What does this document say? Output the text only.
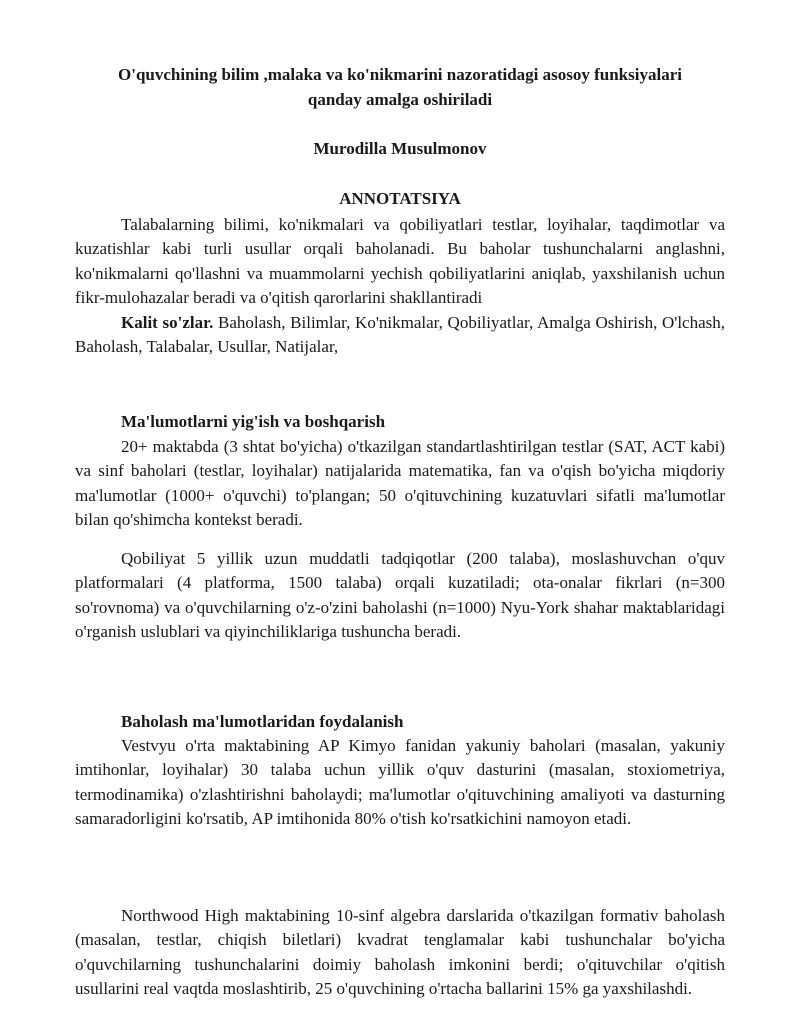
O'quvchining bilim ,malaka va ko'nikmarini nazoratidagi asosoy funksiyalari
qanday amalga oshiriladi
Murodilla Musulmonov
ANNOTATSIYA
Talabalarning bilimi, ko'nikmalari va qobiliyatlari testlar, loyihalar, taqdimotlar va kuzatishlar kabi turli usullar orqali baholanadi. Bu baholar tushunchalarni anglashni, ko'nikmalarni qo'llashni va muammolarni yechish qobiliyatlarini aniqlab, yaxshilanish uchun fikr-mulohazalar beradi va o'qitish qarorlarini shakllantiradi
Kalit so'zlar. Baholash, Bilimlar, Ko'nikmalar, Qobiliyatlar, Amalga Oshirish, O'lchash, Baholash, Talabalar, Usullar, Natijalar,
Ma'lumotlarni yig'ish va boshqarish
20+ maktabda (3 shtat bo'yicha) o'tkazilgan standartlashtirilgan testlar (SAT, ACT kabi) va sinf baholari (testlar, loyihalar) natijalarida matematika, fan va o'qish bo'yicha miqdoriy ma'lumotlar (1000+ o'quvchi) to'plangan; 50 o'qituvchining kuzatuvlari sifatli ma'lumotlar bilan qo'shimcha kontekst beradi.
Qobiliyat 5 yillik uzun muddatli tadqiqotlar (200 talaba), moslashuvchan o'quv platformalari (4 platforma, 1500 talaba) orqali kuzatiladi; ota-onalar fikrlari (n=300 so'rovnoma) va o'quvchilarning o'z-o'zini baholashi (n=1000) Nyu-York shahar maktablaridagi o'rganish uslublari va qiyinchiliklariga tushuncha beradi.
Baholash ma'lumotlaridan foydalanish
Vestvyu o'rta maktabining AP Kimyo fanidan yakuniy baholari (masalan, yakuniy imtihonlar, loyihalar) 30 talaba uchun yillik o'quv dasturini (masalan, stoxiometriya, termodinamika) o'zlashtirishni baholaydi; ma'lumotlar o'qituvchining amaliyoti va dasturning samaradorligini ko'rsatib, AP imtihonida 80% o'tish ko'rsatkichini namoyon etadi.
Northwood High maktabining 10-sinf algebra darslarida o'tkazilgan formativ baholash (masalan, testlar, chiqish biletlari) kvadrat tenglamalar kabi tushunchalar bo'yicha o'quvchilarning tushunchalarini doimiy baholash imkonini berdi; o'qituvchilar o'qitish usullarini real vaqtda moslashtirib, 25 o'quvchining o'rtacha ballarini 15% ga yaxshilashdi.
